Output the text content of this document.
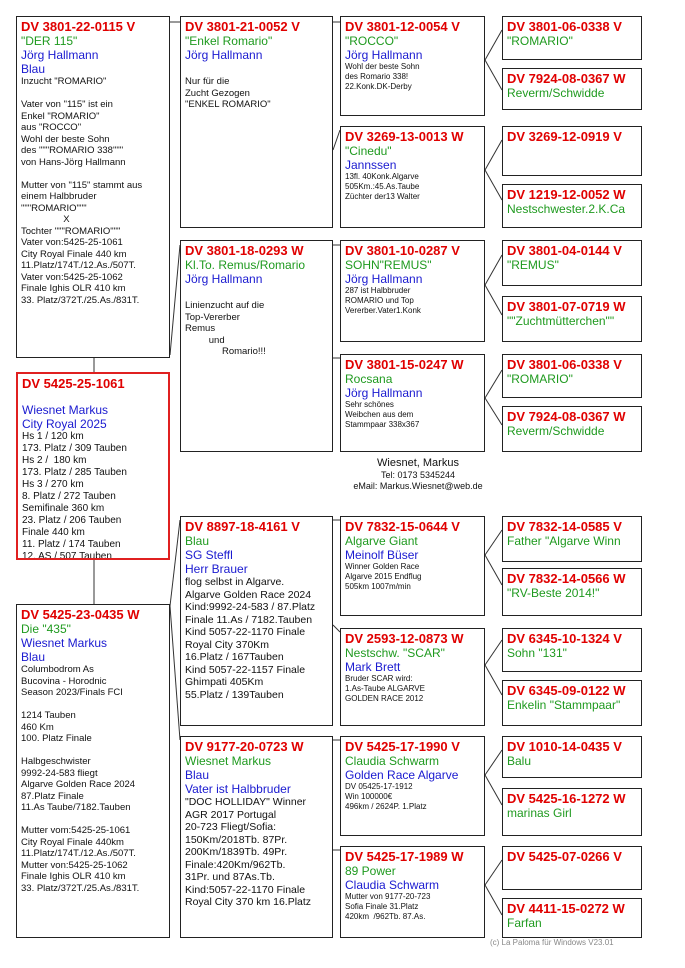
DV 3801-22-0115 V
"DER 115"
Jörg Hallmann
Blau
Inzucht "ROMARIO"

Vater von "115" ist ein
Enkel "ROMARIO"
aus "ROCCO"
Wohl der beste Sohn
des """ROMARIO 338"""
von Hans-Jörg Hallmann

Mutter von "115" stammt aus
einem Halbbruder
"""ROMARIO"""
X
Tochter """ROMARIO"""
Vater von:5425-25-1061
City Royal Finale 440 km
11.Platz/174T./12.As./507T.
Vater von:5425-25-1062
Finale Ighis OLR 410 km
33. Platz/372T./25.As./831T.
DV 5425-25-1061
Wiesnet Markus
City Royal 2025
Hs 1 / 120 km
173. Platz / 309 Tauben
Hs 2 /  180 km
173. Platz / 285 Tauben
Hs 3 / 270 km
8. Platz / 272 Tauben
Semifinale 360 km
23. Platz / 206 Tauben
Finale 440 km
11. Platz / 174 Tauben
12. AS / 507 Tauben
DV 5425-23-0435 W
Die "435"
Wiesnet Markus
Blau
Columbodrom As
Bucovina - Horodnic
Season 2023/Finals FCI

1214 Tauben
460 Km
100. Platz Finale

Halbgeschwister
9992-24-583 fliegt
Algarve Golden Race 2024
87.Platz Finale
11.As Taube/7182.Tauben

Mutter vom:5425-25-1061
City Royal Finale 440km
11.Platz/174T./12.As./507T.
Mutter von:5425-25-1062
Finale Ighis OLR 410 km
33. Platz/372T./25.As./831T.
DV 3801-21-0052 V
"Enkel Romario"
Jörg Hallmann
Nur für die
Zucht Gezogen
"ENKEL ROMARIO"
DV 3801-18-0293 W
Kl.To. Remus/Romario
Jörg Hallmann
Linienzucht auf die
Top-Vererber
Remus
und
Romario!!!
DV 8897-18-4161 V
Blau
SG Steffl
Herr Brauer
flog selbst in Algarve.
Algarve Golden Race 2024
Kind:9992-24-583 / 87.Platz
Finale 11.As / 7182.Tauben
Kind 5057-22-1170 Finale
Royal City 370Km
16.Platz / 167Tauben
Kind 5057-22-1157 Finale
Ghimpati 405Km
55.Platz / 139Tauben
DV 9177-20-0723 W
Wiesnet Markus
Blau
Vater ist Halbbruder
"DOC HOLLIDAY" Winner
AGR 2017 Portugal
20-723 Fliegt/Sofia:
150Km/2018Tb. 87Pr.
200Km/1839Tb. 49Pr.
Finale:420Km/962Tb.
31Pr. und 87As.Tb.
Kind:5057-22-1170 Finale
Royal City 370 km 16.Platz
DV 3801-12-0054 V
"ROCCO"
Jörg Hallmann
Wohl der beste Sohn
des Romario 338!
22.Konk.DK-Derby
DV 3269-13-0013 W
"Cinedu"
Jannssen
13fl. 40Konk.Algarve
505Km.:45.As.Taube
Züchter der13 Walter
DV 3801-10-0287 V
SOHN"REMUS"
Jörg Hallmann
287 ist Halbbruder
ROMARIO und Top
Vererber.Vater1.Konk
DV 3801-15-0247 W
Rocsana
Jörg Hallmann
Sehr schönes
Weibchen aus dem
Stammpaar 338x367
Wiesnet, Markus
Tel: 0173 5345244
eMail: Markus.Wiesnet@web.de
DV 7832-15-0644 V
Algarve Giant
Meinolf Büser
Winner Golden Race
Algarve 2015 Endflug
505km 1007m/min
DV 2593-12-0873 W
Nestschw. "SCAR"
Mark Brett
Bruder SCAR wird:
1.As-Taube ALGARVE
GOLDEN RACE 2012
DV 5425-17-1990 V
Claudia Schwarm
Golden Race Algarve
DV 05425-17-1912
Win 100000€
496km / 2624P. 1.Platz
DV 5425-17-1989 W
89 Power
Claudia Schwarm
Mutter von 9177-20-723
Sofia Finale 31.Platz
420km  /962Tb. 87.As.
DV 3801-06-0338 V
"ROMARIO"
DV 7924-08-0367 W
Reverm/Schwidde
DV 3269-12-0919 V
DV 1219-12-0052 W
Nestschwester.2.K.Ca
DV 3801-04-0144 V
"REMUS"
DV 3801-07-0719 W
""Zuchtmütterchen""
DV 3801-06-0338 V
"ROMARIO"
DV 7924-08-0367 W
Reverm/Schwidde
DV 7832-14-0585 V
Father "Algarve Winn
DV 7832-14-0566 W
"RV-Beste 2014!"
DV 6345-10-1324 V
Sohn "131"
DV 6345-09-0122 W
Enkelin "Stammpaar"
DV 1010-14-0435 V
Balu
DV 5425-16-1272 W
marinas Girl
DV 5425-07-0266 V
DV 4411-15-0272 W
Farfan
(c) La Paloma für Windows V23.01
